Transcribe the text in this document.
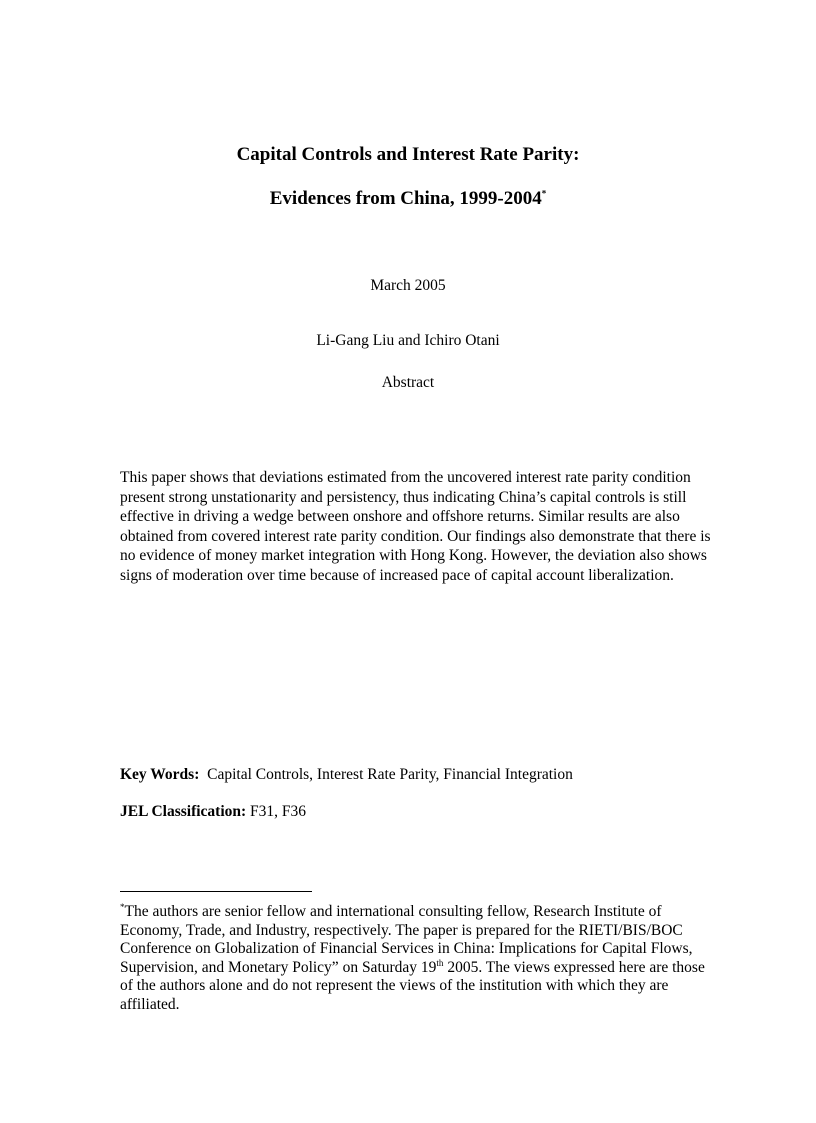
Capital Controls and Interest Rate Parity:
Evidences from China, 1999-2004*

March 2005

Li-Gang Liu and Ichiro Otani

Abstract

This paper shows that deviations estimated from the uncovered interest rate parity condition present strong unstationarity and persistency, thus indicating China’s capital controls is still effective in driving a wedge between onshore and offshore returns. Similar results are also obtained from covered interest rate parity condition. Our findings also demonstrate that there is no evidence of money market integration with Hong Kong. However, the deviation also shows signs of moderation over time because of increased pace of capital account liberalization.

Key Words: Capital Controls, Interest Rate Parity, Financial Integration

JEL Classification: F31, F36

*The authors are senior fellow and international consulting fellow, Research Institute of Economy, Trade, and Industry, respectively. The paper is prepared for the RIETI/BIS/BOC Conference on Globalization of Financial Services in China: Implications for Capital Flows, Supervision, and Monetary Policy” on Saturday 19th 2005. The views expressed here are those of the authors alone and do not represent the views of the institution with which they are affiliated.
